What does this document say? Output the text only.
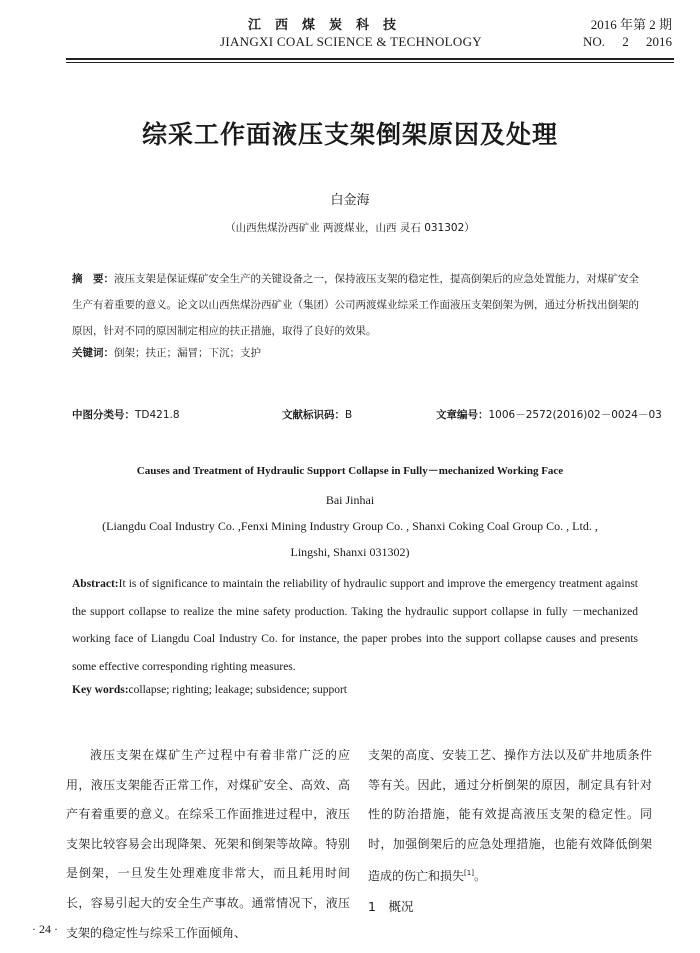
江西煤炭科技
JIANGXI COAL SCIENCE & TECHNOLOGY
2016 年第 2 期
NO. 2 2016
综采工作面液压支架倒架原因及处理
白金海
（山西焦煤汾西矿业 两渡煤业，山西 灵石 031302）
摘　要：液压支架是保证煤矿安全生产的关键设备之一，保持液压支架的稳定性，提高倒架后的应急处置能力，对煤矿安全生产有着重要的意义。论文以山西焦煤汾西矿业（集团）公司两渡煤业综采工作面液压支架倒架为例，通过分析找出倒架的原因，针对不同的原因制定相应的扶正措施，取得了良好的效果。
关键词：倒架；扶正；漏冒；下沉；支护
中图分类号：TD421.8	文献标识码：B	文章编号：1006－2572(2016)02－0024－03
Causes and Treatment of Hydraulic Support Collapse in Fully－mechanized Working Face
Bai Jinhai
(Liangdu Coal Industry Co. ,Fenxi Mining Industry Group Co. , Shanxi Coking Coal Group Co. , Ltd. ,
Lingshi, Shanxi 031302)
Abstract:It is of significance to maintain the reliability of hydraulic support and improve the emergency treatment against the support collapse to realize the mine safety production. Taking the hydraulic support collapse in fully －mechanized working face of Liangdu Coal Industry Co. for instance, the paper probes into the support collapse causes and presents some effective corresponding righting measures.
Key words:collapse; righting; leakage; subsidence; support
液压支架在煤矿生产过程中有着非常广泛的应用，液压支架能否正常工作，对煤矿安全、高效、高产有着重要的意义。在综采工作面推进过程中，液压支架比较容易会出现降架、死架和倒架等故障。特别是倒架，一旦发生处理难度非常大，而且耗用时间长，容易引起大的安全生产事故。通常情况下，液压支架的稳定性与综采工作面倾角、
支架的高度、安装工艺、操作方法以及矿井地质条件等有关。因此，通过分析倒架的原因，制定具有针对性的防治措施，能有效提高液压支架的稳定性。同时，加强倒架后的应急处理措施，也能有效降低倒架造成的伤亡和损失[1]。
1　概况
· 24 ·
